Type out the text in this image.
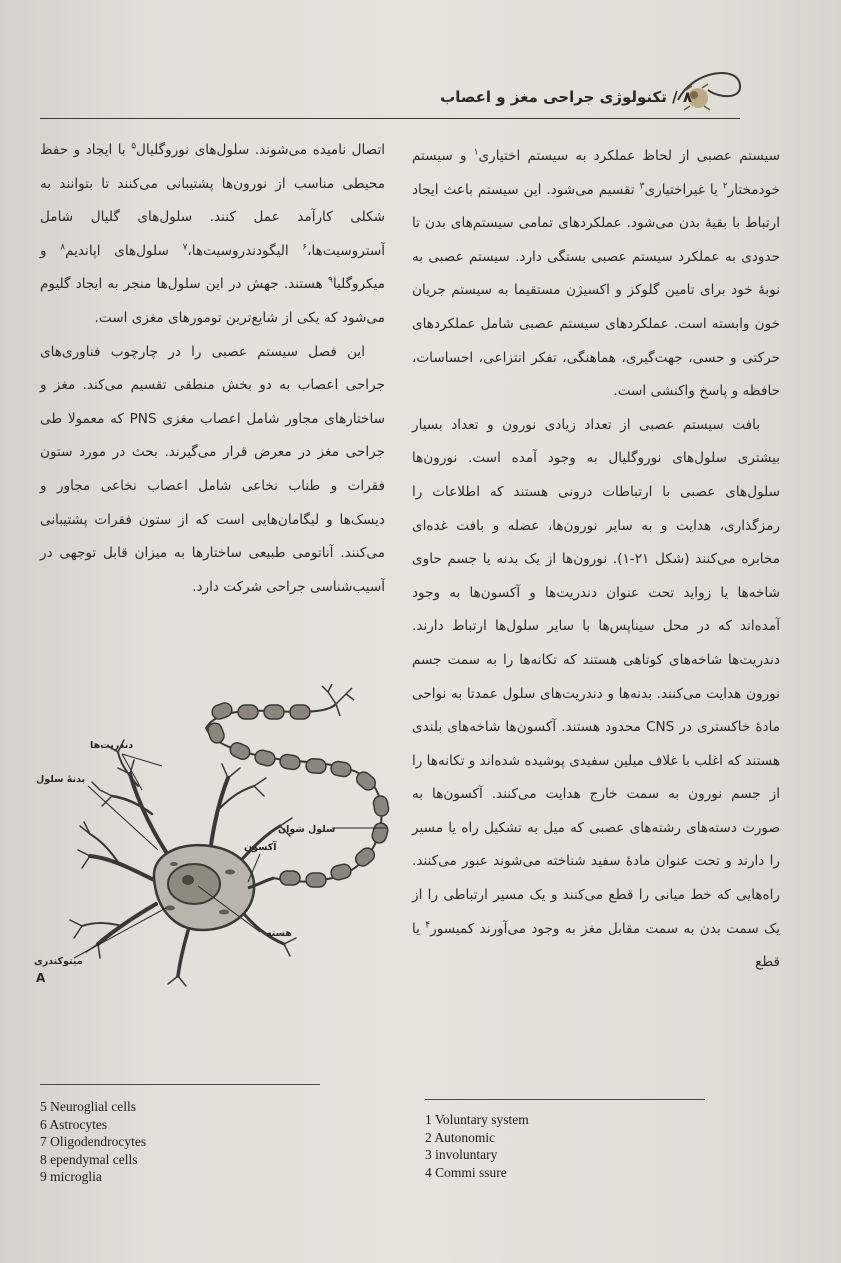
۸ / تکنولوژی جراحی مغز و اعصاب

سیستم عصبی از لحاظ عملکرد به سیستم اختیاری$^۱$ و سیستم خودمختار$^۲$ یا غیراختیاری$^۳$ تقسیم می‌شود. این سیستم باعث ایجاد ارتباط با بقیهٔ بدن می‌شود. عملکردهای تمامی سیستم‌های بدن تا حدودی به عملکرد سیستم عصبی بستگی دارد. سیستم عصبی به نوبهٔ خود برای تامین گلوکز و اکسیژن مستقیما به سیستم جریان خون وابسته است. عملکردهای سیستم عصبی شامل عملکردهای حرکتی و حسی، جهت‌گیری، هماهنگی، تفکر انتزاعی، احساسات، حافظه و پاسخ واکنشی است.

بافت سیستم عصبی از تعداد زیادی نورون و تعداد بسیار بیشتری سلول‌های نوروگلیال به وجود آمده است. نورون‌ها سلول‌های عصبی با ارتباطات درونی هستند که اطلاعات را رمزگذاری، هدایت و به سایر نورون‌ها، عضله و بافت غده‌ای مخابره می‌کنند (شکل ۲۱-۱). نورون‌ها از یک بدنه یا جسم حاوی شاخه‌ها یا زواید تحت عنوان دندریت‌ها و آکسون‌ها به وجود آمده‌اند که در محل سیناپس‌ها با سایر سلول‌ها ارتباط دارند. دندریت‌ها شاخه‌های کوتاهی هستند که تکانه‌ها را به سمت جسم نورون هدایت می‌کنند. بدنه‌ها و دندریت‌های سلول عمدتا به نواحی مادهٔ خاکستری در CNS محدود هستند. آکسون‌ها شاخه‌های بلندی هستند که اغلب با غلاف میلین سفیدی پوشیده شده‌اند و تکانه‌ها را از جسم نورون به سمت خارج هدایت می‌کنند. آکسون‌ها به صورت دسته‌های رشته‌های عصبی که میل به تشکیل راه یا مسیر را دارند و تحت عنوان مادهٔ سفید شناخته می‌شوند عبور می‌کنند. راه‌هایی که خط میانی را قطع می‌کنند و یک مسیر ارتباطی را از یک سمت بدن به سمت مقابل مغز به وجود می‌آورند کمیسور$^۴$ یا قطع

اتصال نامیده می‌شوند. سلول‌های نوروگلیال$^۵$ با ایجاد و حفظ محیطی مناسب از نورون‌ها پشتیبانی می‌کنند تا بتوانند به شکلی کارآمد عمل کنند. سلول‌های گلیال شامل آستروسیت‌ها،$^۶$ الیگودندروسیت‌ها،$^۷$ سلول‌های اپاندیم$^۸$ و میکروگلیا$^۹$ هستند. جهش در این سلول‌ها منجر به ایجاد گلیوم می‌شود که یکی از شایع‌ترین تومورهای مغزی است.

این فصل سیستم عصبی را در چارچوب فناوری‌های جراحی اعصاب به دو بخش منطقی تقسیم می‌کند. مغز و ساختارهای مجاور شامل اعصاب مغزی PNS که معمولا طی جراحی مغز در معرض قرار می‌گیرند. بحث در مورد ستون فقرات و طناب نخاعی شامل اعصاب نخاعی مجاور و دیسک‌ها و لیگامان‌هایی است که از ستون فقرات پشتیبانی می‌کنند. آناتومی طبیعی ساختارها به میزان قابل توجهی در آسیب‌شناسی جراحی شرکت دارد.

دندریت‌ها
بدنهٔ سلول
سلول شوان
آکسون
هسته
میتوکندری
A
5 Neuroglial cells
6 Astrocytes
7 Oligodendrocytes
8 ependymal cells
9 microglia
1 Voluntary system
2 Autonomic
3 involuntary
4 Commi ssure
